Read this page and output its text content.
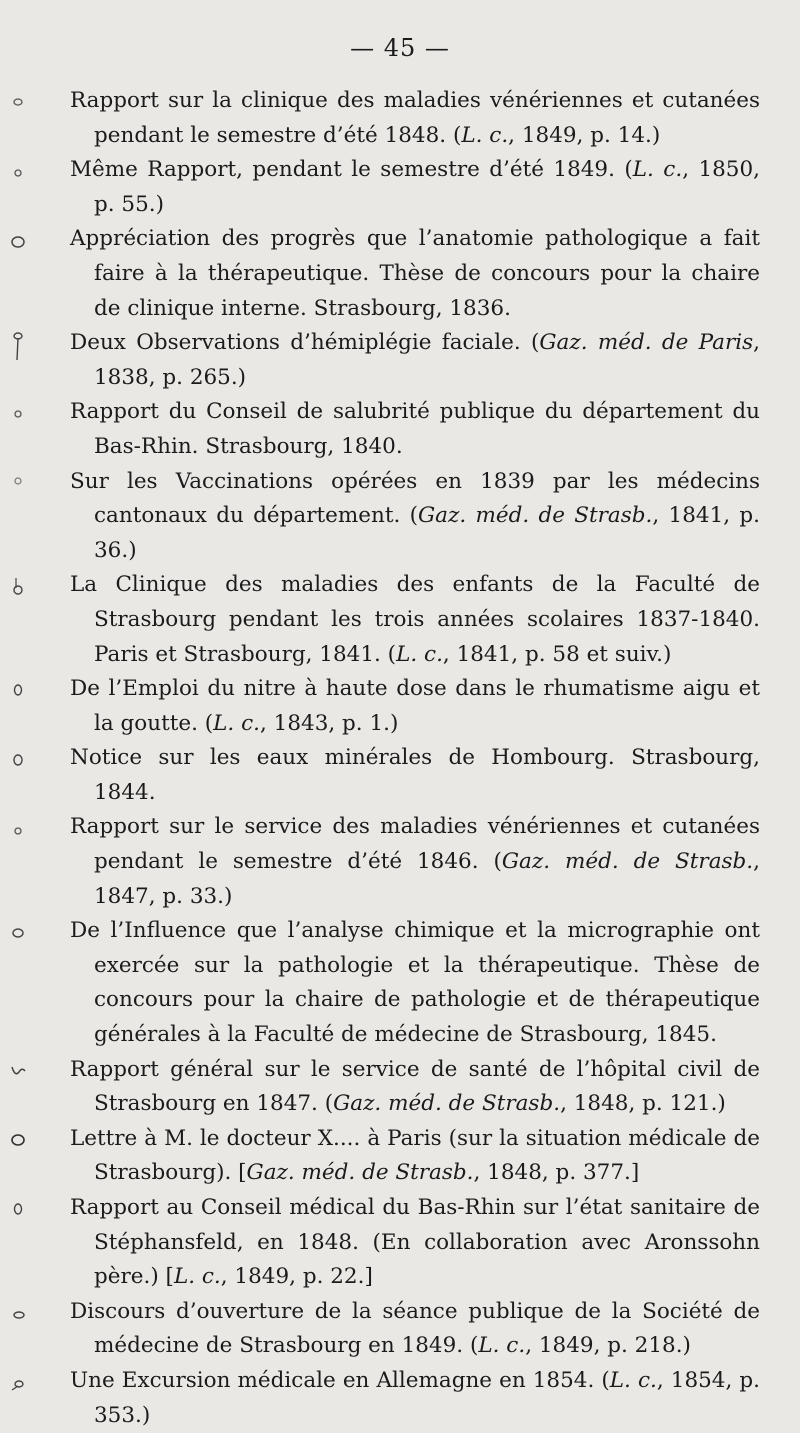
— 45 —
Rapport sur la clinique des maladies vénériennes et cutanées pendant le semestre d’été 1848. (L. c., 1849, p. 14.)
Même Rapport, pendant le semestre d’été 1849. (L. c., 1850, p. 55.)
Appréciation des progrès que l’anatomie pathologique a fait faire à la thérapeutique. Thèse de concours pour la chaire de clinique interne. Strasbourg, 1836.
Deux Observations d’hémiplégie faciale. (Gaz. méd. de Paris, 1838, p. 265.)
Rapport du Conseil de salubrité publique du département du Bas-Rhin. Strasbourg, 1840.
Sur les Vaccinations opérées en 1839 par les médecins cantonaux du département. (Gaz. méd. de Strasb., 1841, p. 36.)
La Clinique des maladies des enfants de la Faculté de Strasbourg pendant les trois années scolaires 1837-1840. Paris et Strasbourg, 1841. (L. c., 1841, p. 58 et suiv.)
De l’Emploi du nitre à haute dose dans le rhumatisme aigu et la goutte. (L. c., 1843, p. 1.)
Notice sur les eaux minérales de Hombourg. Strasbourg, 1844.
Rapport sur le service des maladies vénériennes et cutanées pendant le semestre d’été 1846. (Gaz. méd. de Strasb., 1847, p. 33.)
De l’Influence que l’analyse chimique et la micrographie ont exercée sur la pathologie et la thérapeutique. Thèse de concours pour la chaire de pathologie et de thérapeutique générales à la Faculté de médecine de Strasbourg, 1845.
Rapport général sur le service de santé de l’hôpital civil de Strasbourg en 1847. (Gaz. méd. de Strasb., 1848, p. 121.)
Lettre à M. le docteur X.... à Paris (sur la situation médicale de Strasbourg). [Gaz. méd. de Strasb., 1848, p. 377.]
Rapport au Conseil médical du Bas-Rhin sur l’état sanitaire de Stéphansfeld, en 1848. (En collaboration avec Aronssohn père.) [L. c., 1849, p. 22.]
Discours d’ouverture de la séance publique de la Société de médecine de Strasbourg en 1849. (L. c., 1849, p. 218.)
Une Excursion médicale en Allemagne en 1854. (L. c., 1854, p. 353.)
